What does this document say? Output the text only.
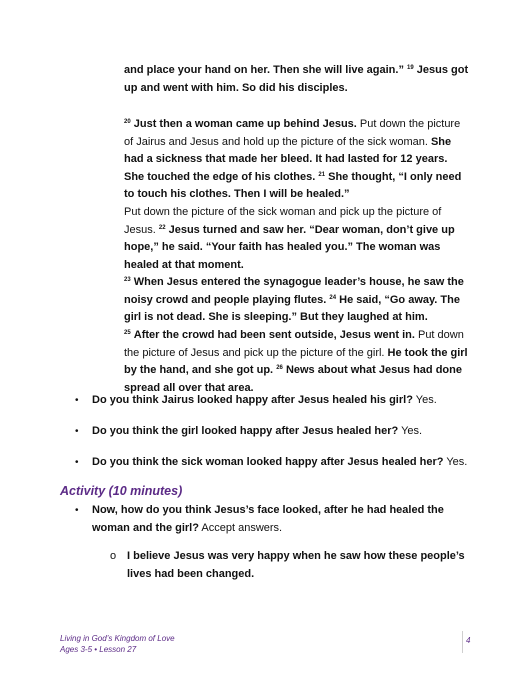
and place your hand on her. Then she will live again.” $^{19}$ Jesus got up and went with him. So did his disciples.
$^{20}$ Just then a woman came up behind Jesus. Put down the picture of Jairus and Jesus and hold up the picture of the sick woman. She had a sickness that made her bleed. It had lasted for 12 years. She touched the edge of his clothes. $^{21}$ She thought, “I only need to touch his clothes. Then I will be healed.”
Put down the picture of the sick woman and pick up the picture of Jesus. $^{22}$ Jesus turned and saw her. “Dear woman, don’t give up hope,” he said. “Your faith has healed you.” The woman was healed at that moment.
$^{23}$ When Jesus entered the synagogue leader’s house, he saw the noisy crowd and people playing flutes. $^{24}$ He said, “Go away. The girl is not dead. She is sleeping.” But they laughed at him.
$^{25}$ After the crowd had been sent outside, Jesus went in. Put down the picture of Jesus and pick up the picture of the girl. He took the girl by the hand, and she got up. $^{26}$ News about what Jesus had done spread all over that area.
• Do you think Jairus looked happy after Jesus healed his girl? Yes.
• Do you think the girl looked happy after Jesus healed her? Yes.
• Do you think the sick woman looked happy after Jesus healed her? Yes.
Activity (10 minutes)
• Now, how do you think Jesus’s face looked, after he had healed the woman and the girl? Accept answers.
o I believe Jesus was very happy when he saw how these people’s lives had been changed.
Living in God’s Kingdom of Love
Ages 3-5 • Lesson 27
4
